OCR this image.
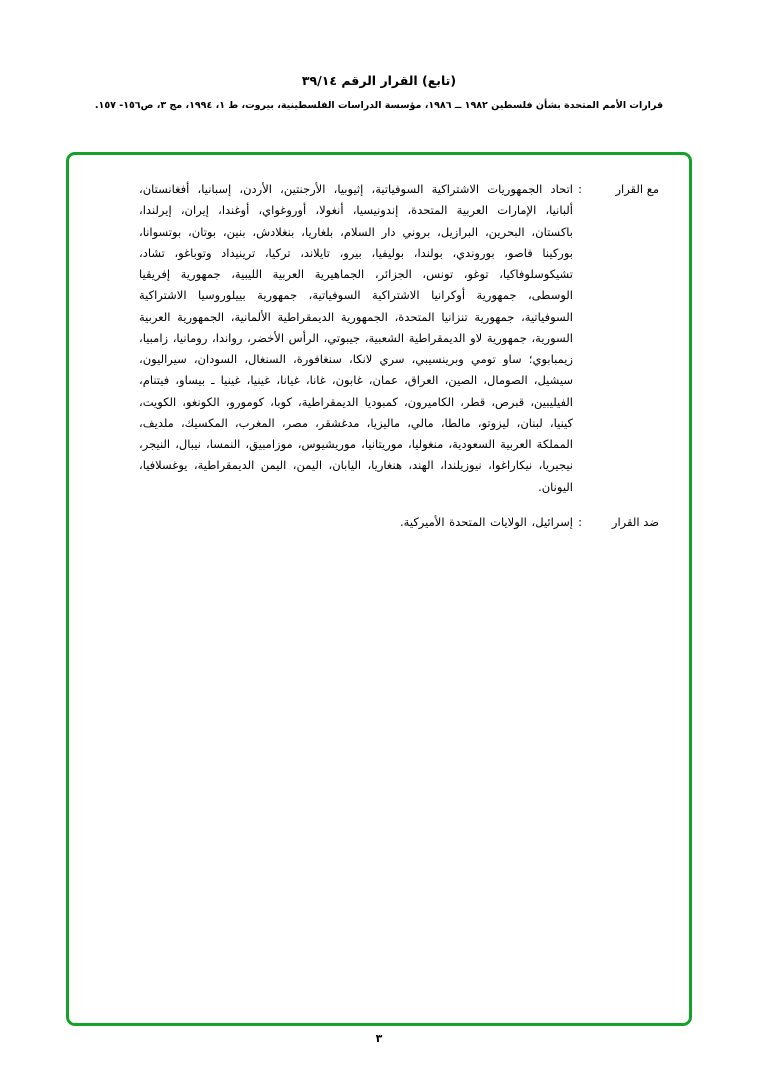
(تابع) القرار الرقم ٣٩/١٤
قرارات الأمم المتحدة بشأن فلسطين ١٩٨٢ ــ ١٩٨٦، مؤسسة الدراسات الفلسطينية، بيروت، ط ١، ١٩٩٤، مج ٣، ص١٥٦- ١٥٧.
مع القرار
:
اتحاد الجمهوريات الاشتراكية السوفياتية، إثيوبيا، الأرجنتين، الأردن، إسبانيا، أفغانستان، ألبانيا، الإمارات العربية المتحدة، إندونيسيا، أنغولا، أوروغواي، أوغندا، إيران، إيرلندا، باكستان، البحرين، البرازيل، بروني دار السلام، بلغاريا، بنغلادش، بنين، بوتان، بوتسوانا، بوركينا فاصو، بوروندي، بولندا، بوليفيا، بيرو، تايلاند، تركيا، ترينيداد وتوباغو، تشاد، تشيكوسلوفاكيا، توغو، تونس، الجزائر، الجماهيرية العربية الليبية، جمهورية إفريقيا الوسطى، جمهورية أوكرانيا الاشتراكية السوفياتية، جمهورية بييلوروسيا الاشتراكية السوفياتية، جمهورية تنزانيا المتحدة، الجمهورية الديمقراطية الألمانية، الجمهورية العربية السورية، جمهورية لاو الديمقراطية الشعبية، جيبوتي، الرأس الأخضر، رواندا، رومانيا، زامبيا، زيمبابوي؛ ساو تومي وبرينسيبي، سري لانكا، سنغافورة، السنغال، السودان، سيراليون، سيشيل، الصومال، الصين، العراق، عمان، غابون، غانا، غيانا، غينيا، غينيا ـ بيساو، فيتنام، الفيليبين، قبرص، قطر، الكاميرون، كمبوديا الديمقراطية، كوبا، كومورو، الكونغو، الكويت، كينيا، لبنان، ليزوتو، مالطا، مالي، ماليزيا، مدغشقر، مصر، المغرب، المكسيك، ملديف، المملكة العربية السعودية، منغوليا، موريتانيا، موريشيوس، موزامبيق، النمسا، نيبال، النيجر، نيجيريا، نيكاراغوا، نيوزيلندا، الهند، هنغاريا، اليابان، اليمن، اليمن الديمقراطية، يوغسلافيا، اليونان.
ضد القرار
:
إسرائيل، الولايات المتحدة الأميركية.
٣
